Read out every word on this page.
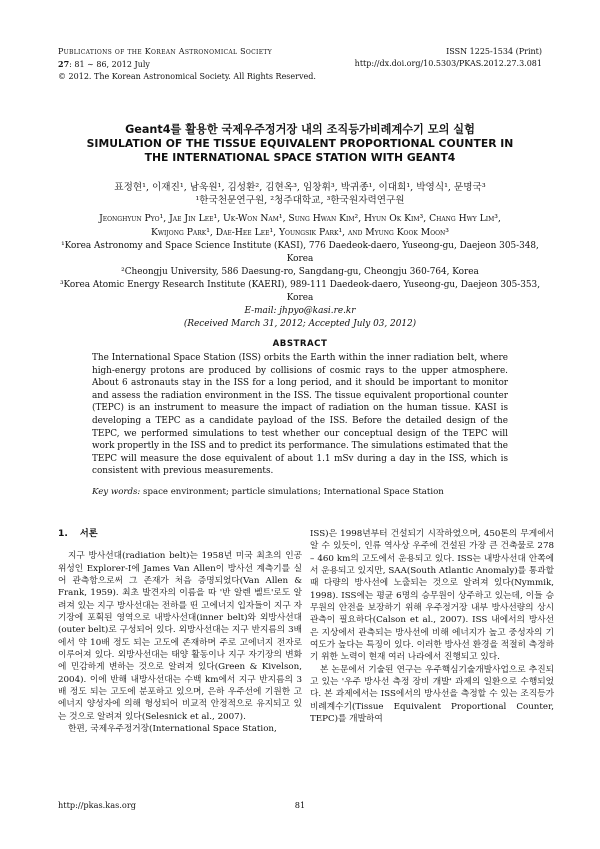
Publications of the Korean Astronomical Society
27: 81 ∼ 86, 2012 July
© 2012. The Korean Astronomical Society. All Rights Reserved.
ISSN 1225-1534 (Print)
http://dx.doi.org/10.5303/PKAS.2012.27.3.081
Geant4를 활용한 국제우주정거장 내의 조직등가비례계수기 모의 실험
SIMULATION OF THE TISSUE EQUIVALENT PROPORTIONAL COUNTER IN
THE INTERNATIONAL SPACE STATION WITH GEANT4
표정현¹, 이재진¹, 남욱원¹, 김성환², 김현옥³, 임창휘³, 박귀종¹, 이대희¹, 박영식¹, 문명국³
¹한국천문연구원, ²청주대학교, ³한국원자력연구원
Jeonghyun Pyo¹, Jae Jin Lee¹, Uk-Won Nam¹, Sung Hwan Kim², Hyun Ok Kim³, Chang Hwy Lim³,
Kwijong Park¹, Dae-Hee Lee¹, Youngsik Park¹, and Myung Kook Moon³
¹Korea Astronomy and Space Science Institute (KASI), 776 Daedeok-daero, Yuseong-gu, Daejeon 305-348, Korea
²Cheongju University, 586 Daesung-ro, Sangdang-gu, Cheongju 360-764, Korea
³Korea Atomic Energy Research Institute (KAERI), 989-111 Daedeok-daero, Yuseong-gu, Daejeon 305-353, Korea
E-mail: jhpyo@kasi.re.kr
(Received March 31, 2012; Accepted July 03, 2012)
ABSTRACT
The International Space Station (ISS) orbits the Earth within the inner radiation belt, where high-energy protons are produced by collisions of cosmic rays to the upper atmosphere. About 6 astronauts stay in the ISS for a long period, and it should be important to monitor and assess the radiation environment in the ISS. The tissue equivalent proportional counter (TEPC) is an instrument to measure the impact of radiation on the human tissue. KASI is developing a TEPC as a candidate payload of the ISS. Before the detailed design of the TEPC, we performed simulations to test whether our conceptual design of the TEPC will work propertly in the ISS and to predict its performance. The simulations estimated that the TEPC will measure the dose equivalent of about 1.1 mSv during a day in the ISS, which is consistent with previous measurements.
Key words: space environment; particle simulations; International Space Station
1. 서론

지구 방사선대(radiation belt)는 1958년 미국 최초의 인공위성인 Explorer-I에 James Van Allen이 방사선 계측기를 실어 관측함으로써 그 존재가 처음 증명되었다(Van Allen & Frank, 1959). 최초 발견자의 이름을 따 '반 알렌 벨트'로도 알려져 있는 지구 방사선대는 전하를 띤 고에너지 입자들이 지구 자기장에 포획된 영역으로 내방사선대(inner belt)와 외방사선대(outer belt)로 구성되어 있다. 외방사선대는 지구 반지름의 3배에서 약 10배 정도 되는 고도에 존재하며 주로 고에너지 전자로 이루어져 있다. 외방사선대는 태양 활동이나 지구 자기장의 변화에 민감하게 변하는 것으로 알려져 있다(Green & Kivelson, 2004). 이에 반해 내방사선대는 수백 km에서 지구 반지름의 3배 정도 되는 고도에 분포하고 있으며, 은하 우주선에 기원한 고에너지 양성자에 의해 형성되어 비교적 안정적으로 유지되고 있는 것으로 알려져 있다(Selesnick et al., 2007).

한편, 국제우주정거장(International Space Station,

ISS)은 1998년부터 건설되기 시작하였으며, 450톤의 무게에서 알 수 있듯이, 인류 역사상 우주에 건설된 가장 큰 건축물로 278 – 460 km의 고도에서 운용되고 있다. ISS는 내방사선대 안쪽에서 운용되고 있지만, SAA(South Atlantic Anomaly)를 통과할 때 다량의 방사선에 노출되는 것으로 알려져 있다(Nymmik, 1998). ISS에는 평균 6명의 승무원이 상주하고 있는데, 이들 승무원의 안전을 보장하기 위해 우주정거장 내부 방사선량의 상시 관측이 필요하다(Calson et al., 2007). ISS 내에서의 방사선은 지상에서 관측되는 방사선에 비해 에너지가 높고 중성자의 기여도가 높다는 특징이 있다. 이러한 방사선 환경을 적절히 측정하기 위한 노력이 현재 여러 나라에서 진행되고 있다.

본 논문에서 기술된 연구는 우주핵심기술개발사업으로 추진되고 있는 '우주 방사선 측정 장비 개발' 과제의 일환으로 수행되었다. 본 과제에서는 ISS에서의 방사선을 측정할 수 있는 조직등가비례계수기(Tissue Equivalent Proportional Counter, TEPC)를 개발하여

http://pkas.kas.org	81
